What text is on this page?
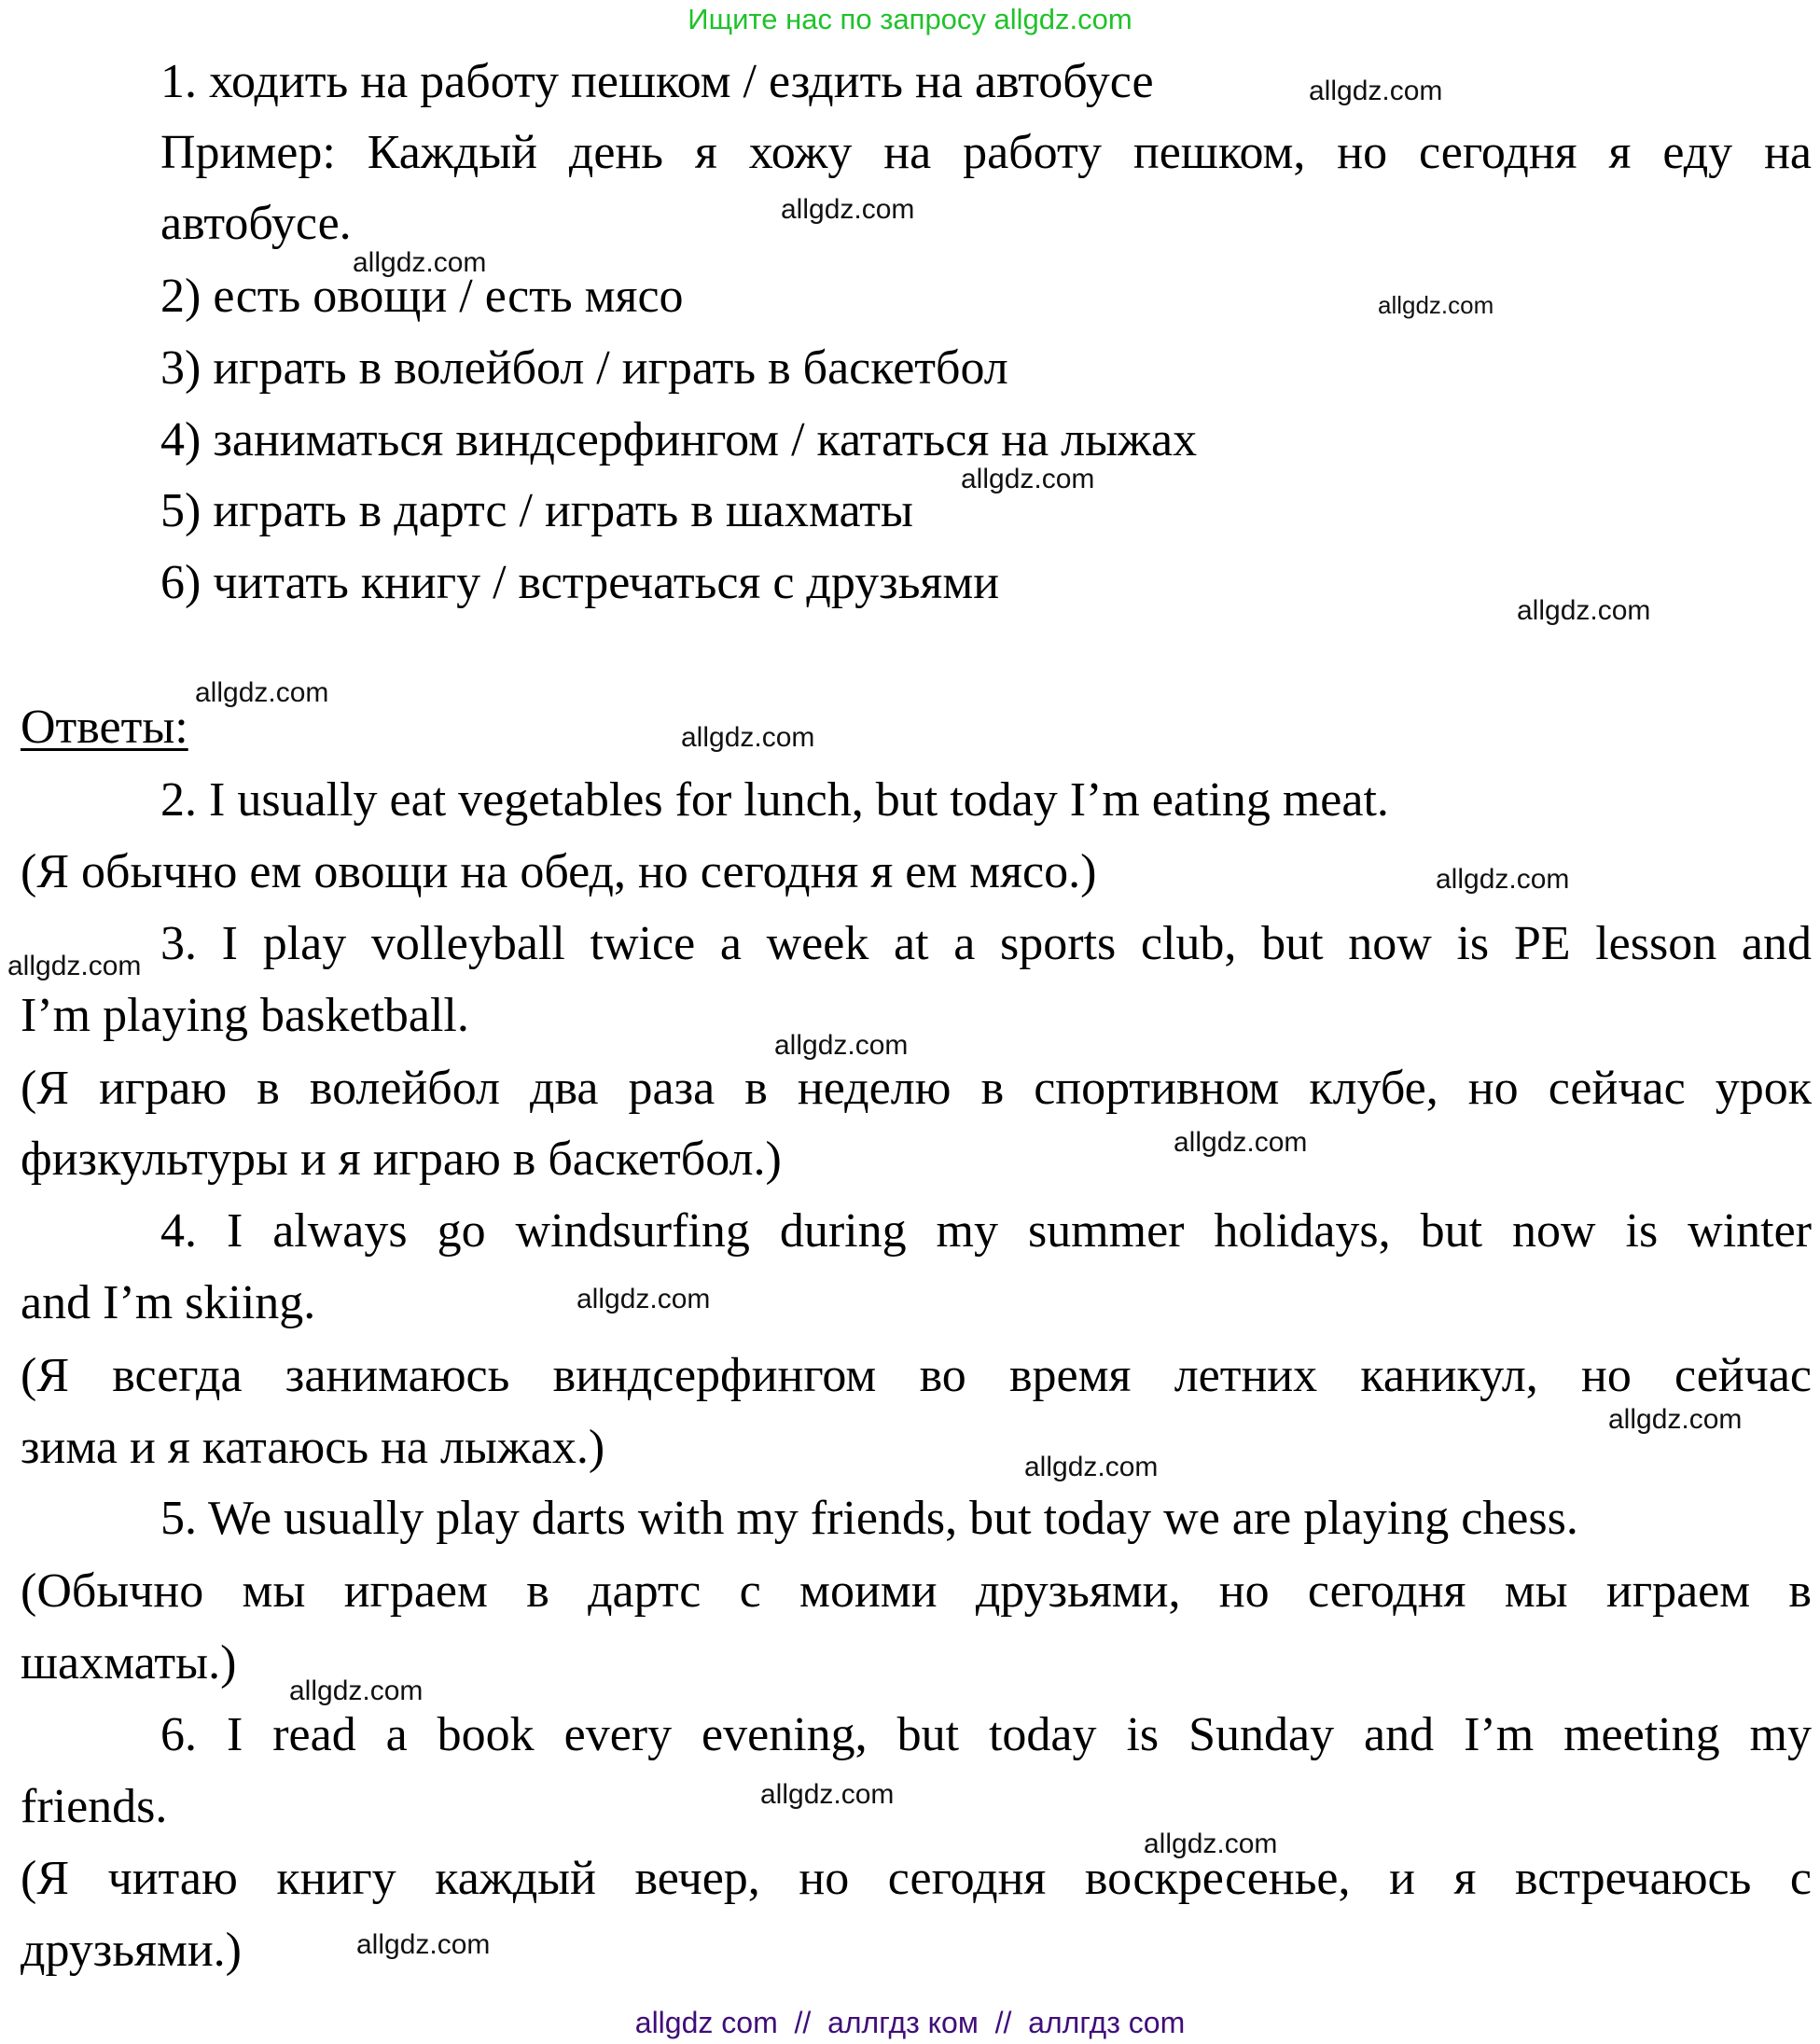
Ищите нас по запросу allgdz.com
1. ходить на работу пешком / ездить на автобусе
Пример: Каждый день я хожу на работу пешком, но сегодня я еду на
автобусе.
2) есть овощи / есть мясо
3) играть в волейбол / играть в баскетбол
4) заниматься виндсерфингом / кататься на лыжах
5) играть в дартс / играть в шахматы
6) читать книгу / встречаться с друзьями
Ответы:
2. I usually eat vegetables for lunch, but today I’m eating meat.
(Я обычно ем овощи на обед, но сегодня я ем мясо.)
3. I play volleyball twice a week at a sports club, but now is PE lesson and
I’m playing basketball.
(Я играю в волейбол два раза в неделю в спортивном клубе, но сейчас урок
физкультуры и я играю в баскетбол.)
4. I always go windsurfing during my summer holidays, but now is winter
and I’m skiing.
(Я всегда занимаюсь виндсерфингом во время летних каникул, но сейчас
зима и я катаюсь на лыжах.)
5. We usually play darts with my friends, but today we are playing chess.
(Обычно мы играем в дартс с моими друзьями, но сегодня мы играем в
шахматы.)
6. I read a book every evening, but today is Sunday and I’m meeting my
friends.
(Я читаю книгу каждый вечер, но сегодня воскресенье, и я встречаюсь с
друзьями.)
allgdz.com
allgdz.com
allgdz.com
allgdz.com
allgdz.com
allgdz.com
allgdz.com
allgdz.com
allgdz.com
allgdz.com
allgdz.com
allgdz.com
allgdz.com
allgdz.com
allgdz.com
allgdz.com
allgdz.com
allgdz.com
allgdz.com
allgdz com  //  аллгдз ком  //  аллгдз com
